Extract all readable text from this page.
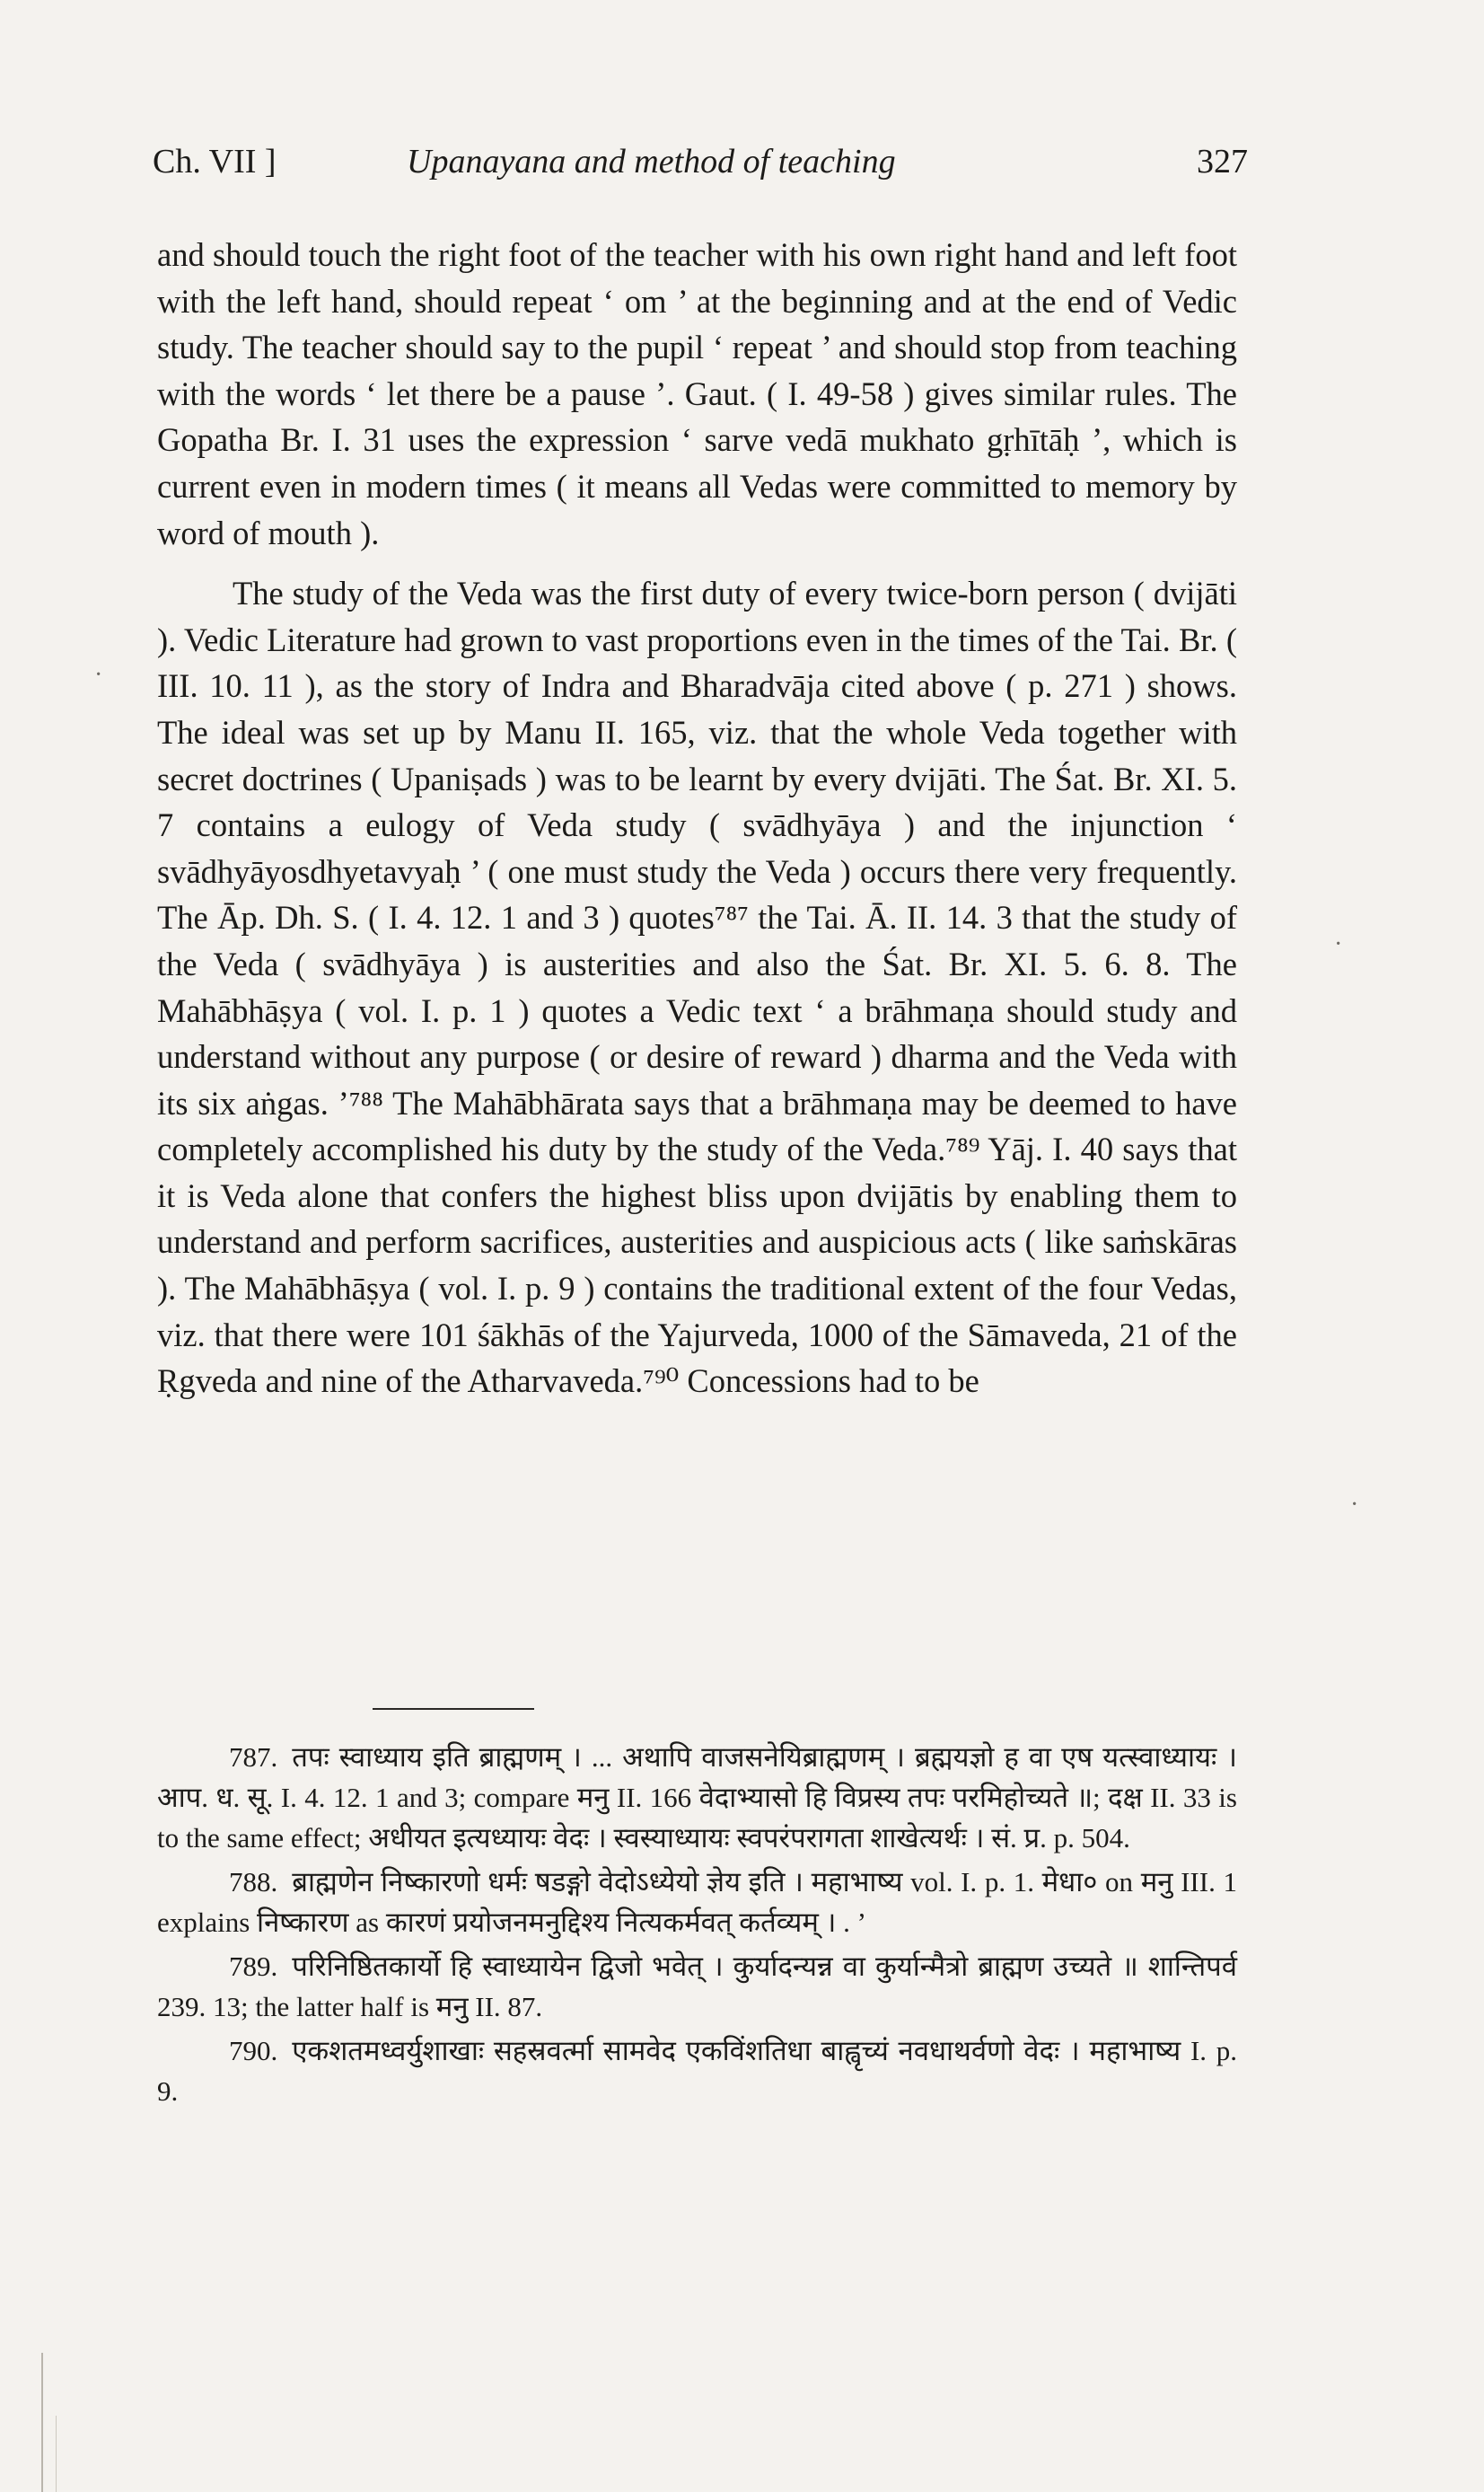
Ch. VII ]	Upanayana and method of teaching	327

and should touch the right foot of the teacher with his own right hand and left foot with the left hand, should repeat ‘ om ’ at the beginning and at the end of Vedic study. The teacher should say to the pupil ‘ repeat ’ and should stop from teaching with the words ‘ let there be a pause ’. Gaut. ( I. 49-58 ) gives similar rules. The Gopatha Br. I. 31 uses the expression ‘ sarve vedā mukhato gṛhītāḥ ’, which is current even in modern times ( it means all Vedas were committed to memory by word of mouth ).

The study of the Veda was the first duty of every twice-born person ( dvijāti ). Vedic Literature had grown to vast proportions even in the times of the Tai. Br. ( III. 10. 11 ), as the story of Indra and Bharadvāja cited above ( p. 271 ) shows. The ideal was set up by Manu II. 165, viz. that the whole Veda together with secret doctrines ( Upaniṣads ) was to be learnt by every dvijāti. The Śat. Br. XI. 5. 7 contains a eulogy of Veda study ( svādhyāya ) and the injunction ‘ svādhyāyosdhyetavyaḥ ’ ( one must study the Veda ) occurs there very frequently. The Āp. Dh. S. ( I. 4. 12. 1 and 3 ) quotes⁷⁸⁷ the Tai. Ā. II. 14. 3 that the study of the Veda ( svādhyāya ) is austerities and also the Śat. Br. XI. 5. 6. 8. The Mahābhāṣya ( vol. I. p. 1 ) quotes a Vedic text ‘ a brāhmaṇa should study and understand without any purpose ( or desire of reward ) dharma and the Veda with its six aṅgas. ’⁷⁸⁸ The Mahābhārata says that a brāhmaṇa may be deemed to have completely accomplished his duty by the study of the Veda.⁷⁸⁹ Yāj. I. 40 says that it is Veda alone that confers the highest bliss upon dvijātis by enabling them to understand and perform sacrifices, austerities and auspicious acts ( like saṁskāras ). The Mahābhāṣya ( vol. I. p. 9 ) contains the traditional extent of the four Vedas, viz. that there were 101 śākhās of the Yajurveda, 1000 of the Sāmaveda, 21 of the Ṛgveda and nine of the Atharvaveda.⁷⁹⁰ Concessions had to be

787. तपः स्वाध्याय इति ब्राह्मणम् । ... अथापि वाजसनेयिब्राह्मणम् । ब्रह्मयज्ञो ह वा एष यत्स्वाध्यायः । आप. ध. सू. I. 4. 12. 1 and 3; compare मनु II. 166 वेदाभ्यासो हि विप्रस्य तपः परमिहोच्यते ॥; दक्ष II. 33 is to the same effect; अधीयत इत्यध्यायः वेदः । स्वस्याध्यायः स्वपरंपरागता शाखेत्यर्थः । सं. प्र. p. 504.

788. ब्राह्मणेन निष्कारणो धर्मः षडङ्गो वेदोऽध्येयो ज्ञेय इति । महाभाष्य vol. I. p. 1. मेधा० on मनु III. 1 explains निष्कारण as कारणं प्रयोजनमनुद्दिश्य नित्यकर्मवत् कर्तव्यम् । . ’

789. परिनिष्ठितकार्यो हि स्वाध्यायेन द्विजो भवेत् । कुर्यादन्यन्न वा कुर्यान्मैत्रो ब्राह्मण उच्यते ॥ शान्तिपर्व 239. 13; the latter half is मनु II. 87.

790. एकशतमध्वर्युशाखाः सहस्रवर्त्मा सामवेद एकविंशतिधा बाह्वृच्यं नवधाथर्वणो वेदः । महाभाष्य I. p. 9.

·
·
·
